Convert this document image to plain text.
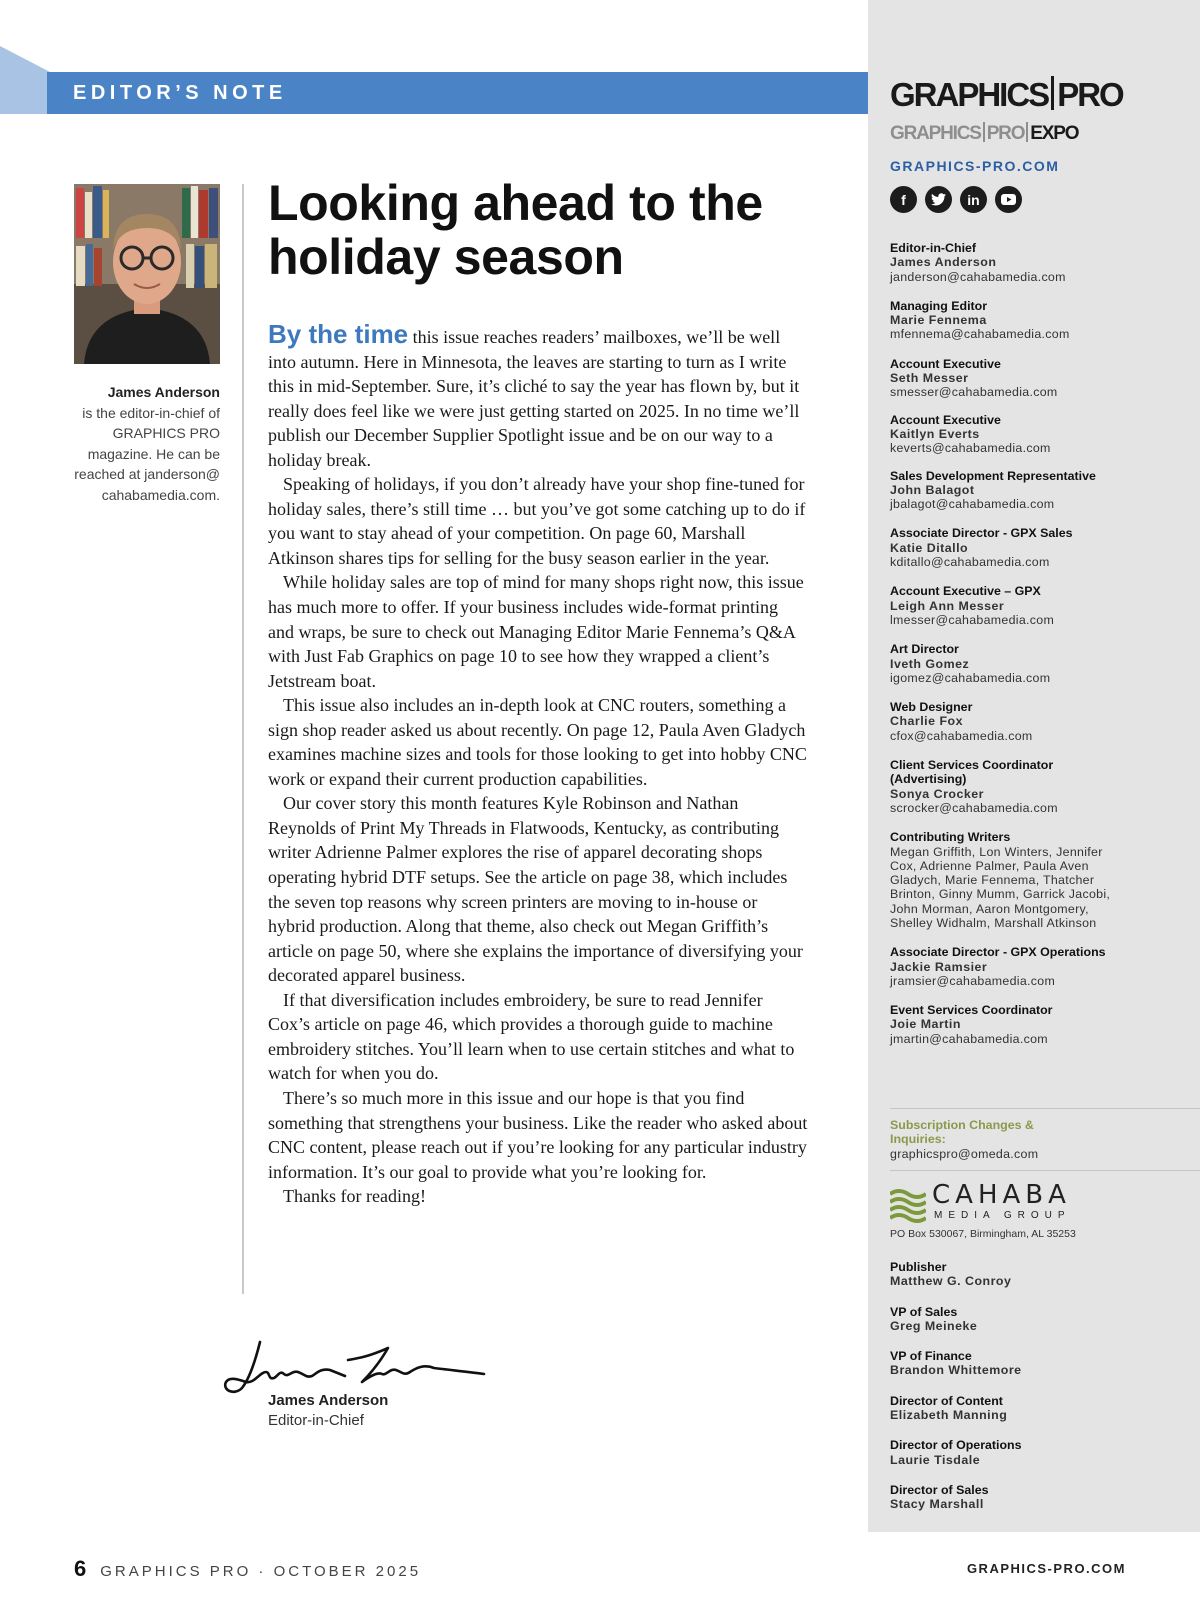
EDITOR’S NOTE
James Anderson
is the editor-in-chief of GRAPHICS PRO magazine. He can be reached at janderson@ cahabamedia.com.
Looking ahead to the holiday season

By the time this issue reaches readers’ mailboxes, we’ll be well into autumn. Here in Minnesota, the leaves are starting to turn as I write this in mid-September. Sure, it’s cliché to say the year has flown by, but it really does feel like we were just getting started on 2025. In no time we’ll publish our December Supplier Spotlight issue and be on our way to a holiday break.

Speaking of holidays, if you don’t already have your shop fine-tuned for holiday sales, there’s still time … but you’ve got some catching up to do if you want to stay ahead of your competition. On page 60, Marshall Atkinson shares tips for selling for the busy season earlier in the year.

While holiday sales are top of mind for many shops right now, this issue has much more to offer. If your business includes wide-format printing and wraps, be sure to check out Managing Editor Marie Fennema’s Q&A with Just Fab Graphics on page 10 to see how they wrapped a client’s Jetstream boat.

This issue also includes an in-depth look at CNC routers, something a sign shop reader asked us about recently. On page 12, Paula Aven Gladych examines machine sizes and tools for those looking to get into hobby CNC work or expand their current production capabilities.

Our cover story this month features Kyle Robinson and Nathan Reynolds of Print My Threads in Flatwoods, Kentucky, as contributing writer Adrienne Palmer explores the rise of apparel decorating shops operating hybrid DTF setups. See the article on page 38, which includes the seven top reasons why screen printers are moving to in-house or hybrid production. Along that theme, also check out Megan Griffith’s article on page 50, where she explains the importance of diversifying your decorated apparel business.

If that diversification includes embroidery, be sure to read Jennifer Cox’s article on page 46, which provides a thorough guide to machine embroidery stitches. You’ll learn when to use certain stitches and what to watch for when you do.

There’s so much more in this issue and our hope is that you find something that strengthens your business. Like the reader who asked about CNC content, please reach out if you’re looking for any particular industry information. It’s our goal to provide what you’re looking for.

Thanks for reading!

James Anderson
Editor-in-Chief
GRAPHICS PRO
GRAPHICS PRO EXPO
GRAPHICS-PRO.COM
f	in
Editor-in-Chief
James Anderson
janderson@cahabamedia.com
Managing Editor
Marie Fennema
mfennema@cahabamedia.com
Account Executive
Seth Messer
smesser@cahabamedia.com
Account Executive
Kaitlyn Everts
keverts@cahabamedia.com
Sales Development Representative
John Balagot
jbalagot@cahabamedia.com
Associate Director - GPX Sales
Katie Ditallo
kditallo@cahabamedia.com
Account Executive – GPX
Leigh Ann Messer
lmesser@cahabamedia.com
Art Director
Iveth Gomez
igomez@cahabamedia.com
Web Designer
Charlie Fox
cfox@cahabamedia.com
Client Services Coordinator (Advertising)
Sonya Crocker
scrocker@cahabamedia.com
Contributing Writers
Megan Griffith, Lon Winters, Jennifer Cox, Adrienne Palmer, Paula Aven Gladych, Marie Fennema, Thatcher Brinton, Ginny Mumm, Garrick Jacobi, John Morman, Aaron Montgomery, Shelley Widhalm, Marshall Atkinson
Associate Director - GPX Operations
Jackie Ramsier
jramsier@cahabamedia.com
Event Services Coordinator
Joie Martin
jmartin@cahabamedia.com
Subscription Changes & Inquiries:
graphicspro@omeda.com
CAHABA
MEDIA GROUP
PO Box 530067, Birmingham, AL 35253
Publisher
Matthew G. Conroy
VP of Sales
Greg Meineke
VP of Finance
Brandon Whittemore
Director of Content
Elizabeth Manning
Director of Operations
Laurie Tisdale
Director of Sales
Stacy Marshall
6 GRAPHICS PRO · OCTOBER 2025	GRAPHICS-PRO.COM
